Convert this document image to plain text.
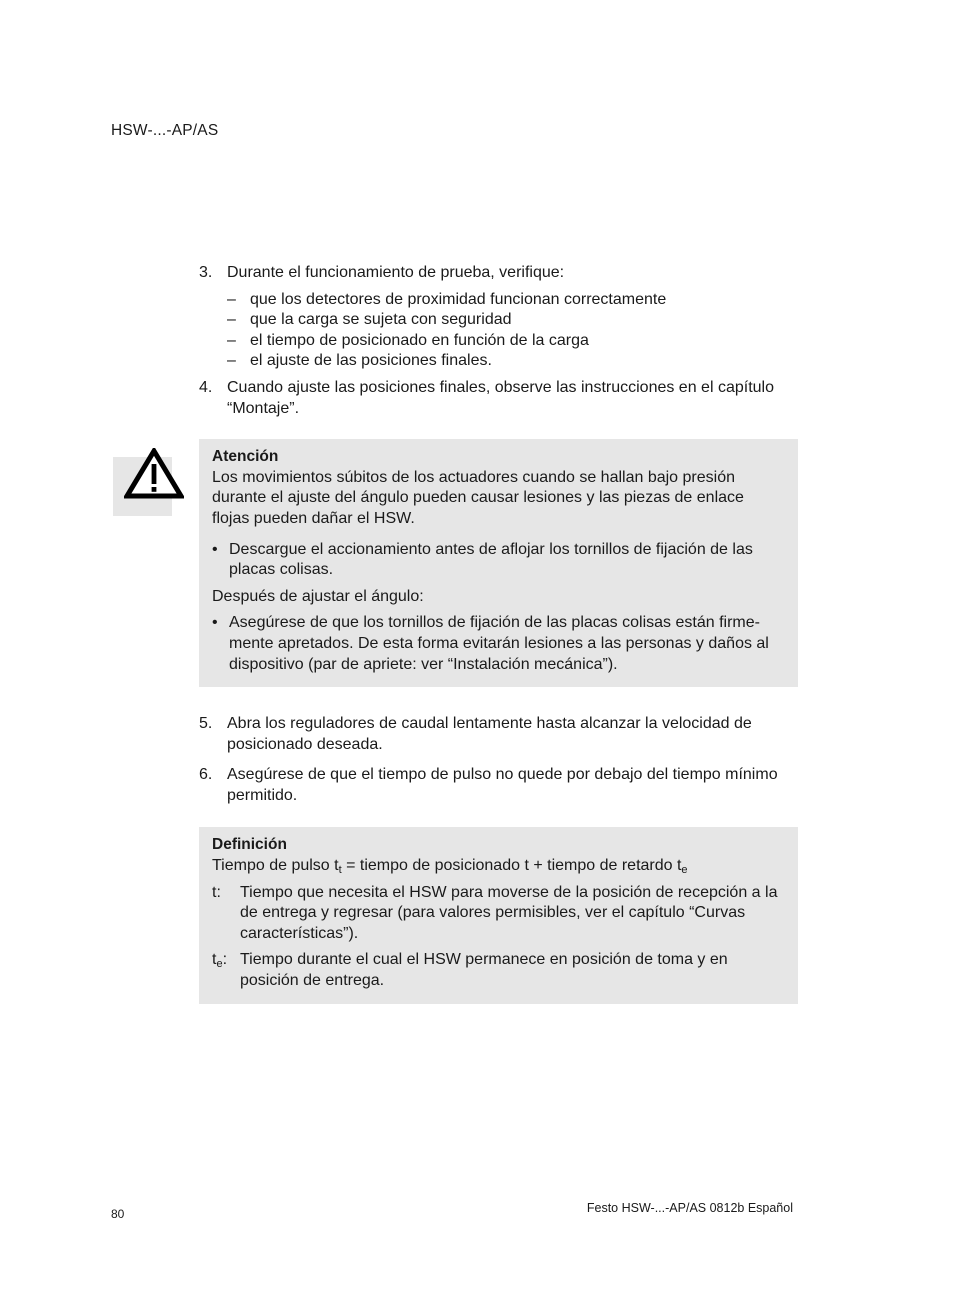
HSW-...-AP/AS
3. Durante el funcionamiento de prueba, verifique:
– que los detectores de proximidad funcionan correctamente
– que la carga se sujeta con seguridad
– el tiempo de posicionado en función de la carga
– el ajuste de las posiciones finales.
4. Cuando ajuste las posiciones finales, observe las instrucciones en el capítulo “Montaje”.
Atención
Los movimientos súbitos de los actuadores cuando se hallan bajo presión durante el ajuste del ángulo pueden causar lesiones y las piezas de enlace flojas pueden dañar el HSW.
• Descargue el accionamiento antes de aflojar los tornillos de fijación de las placas colisas.
Después de ajustar el ángulo:
• Asegúrese de que los tornillos de fijación de las placas colisas están firme-mente apretados. De esta forma evitarán lesiones a las personas y daños al dispositivo (par de apriete: ver “Instalación mecánica”).
5. Abra los reguladores de caudal lentamente hasta alcanzar la velocidad de posicionado deseada.
6. Asegúrese de que el tiempo de pulso no quede por debajo del tiempo mínimo permitido.
Definición
Tiempo de pulso $t_t$ = tiempo de posicionado t + tiempo de retardo $t_e$
t: Tiempo que necesita el HSW para moverse de la posición de recepción a la de entrega y regresar (para valores permisibles, ver el capítulo “Curvas características”).
$t_e$: Tiempo durante el cual el HSW permanece en posición de toma y en posición de entrega.
80	Festo HSW-...-AP/AS 0812b Español
